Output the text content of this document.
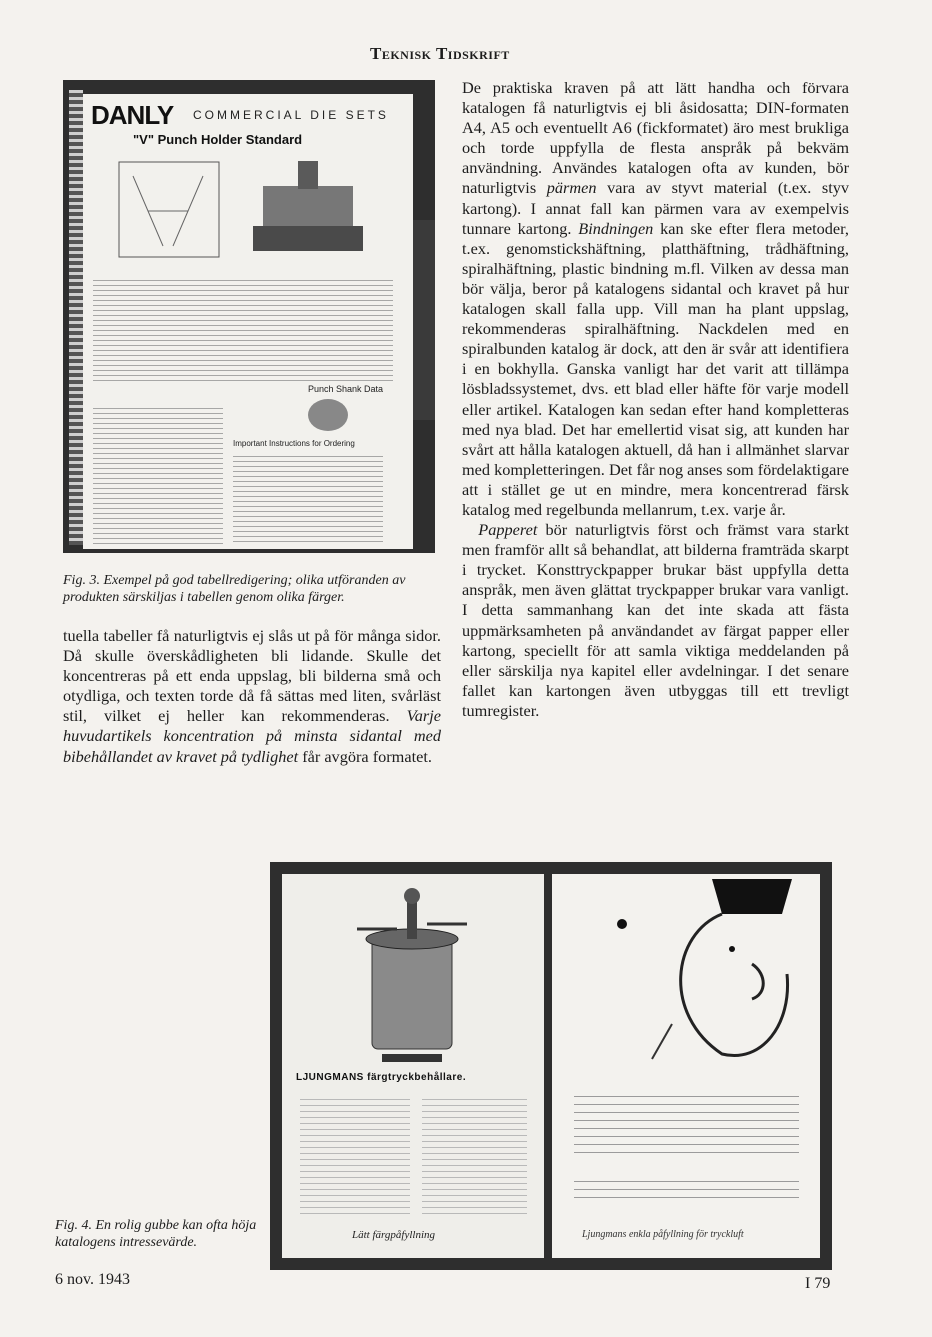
Teknisk Tidskrift
DANLY COMMERCIAL DIE SETS
"V" Punch Holder Standard
Punch Shank Data
Important Instructions for Ordering
Fig. 3. Exempel på god tabellredigering; olika utföranden av produkten särskiljas i tabellen genom olika färger.

tuella tabeller få naturligtvis ej slås ut på för många sidor. Då skulle överskådligheten bli lidande. Skulle det koncentreras på ett enda uppslag, bli bilderna små och otydliga, och texten torde då få sättas med liten, svårläst stil, vilket ej heller kan rekommenderas. Varje huvudartikels koncentration på minsta sidantal med bibehållandet av kravet på tydlighet får avgöra formatet.

De praktiska kraven på att lätt handha och förvara katalogen få naturligtvis ej bli åsidosatta; DIN-formaten A4, A5 och eventuellt A6 (fickformatet) äro mest brukliga och torde uppfylla de flesta anspråk på bekväm användning. Användes katalogen ofta av kunden, bör naturligtvis pärmen vara av styvt material (t.ex. styv kartong). I annat fall kan pärmen vara av exempelvis tunnare kartong. Bindningen kan ske efter flera metoder, t.ex. genomstickshäftning, platthäftning, trådhäftning, spiralhäftning, plastic bindning m.fl. Vilken av dessa man bör välja, beror på katalogens sidantal och kravet på hur katalogen skall falla upp. Vill man ha plant uppslag, rekommenderas spiralhäftning. Nackdelen med en spiralbunden katalog är dock, att den är svår att identifiera i en bokhylla. Ganska vanligt har det varit att tillämpa lösbladssystemet, dvs. ett blad eller häfte för varje modell eller artikel. Katalogen kan sedan efter hand kompletteras med nya blad. Det har emellertid visat sig, att kunden har svårt att hålla katalogen aktuell, då han i allmänhet slarvar med kompletteringen. Det får nog anses som fördelaktigare att i stället ge ut en mindre, mera koncentrerad färsk katalog med regelbunda mellanrum, t.ex. varje år.
 Papperet bör naturligtvis först och främst vara starkt men framför allt så behandlat, att bilderna framträda skarpt i trycket. Konsttryckpapper brukar bäst uppfylla detta anspråk, men även glättat tryckpapper brukar vara vanligt. I detta sammanhang kan det inte skada att fästa uppmärksamheten på användandet av färgat papper eller kartong, speciellt för att samla viktiga meddelanden på eller särskilja nya kapitel eller avdelningar. I det senare fallet kan kartongen även utbyggas till ett trevligt tumregister.

LJUNGMANS färgtryckbehållare.
Lätt färgpåfyllning	Ljungmans enkla påfyllning för tryckluft
Fig. 4. En rolig gubbe kan ofta höja katalogens intressevärde.
6 nov. 1943	I 79
